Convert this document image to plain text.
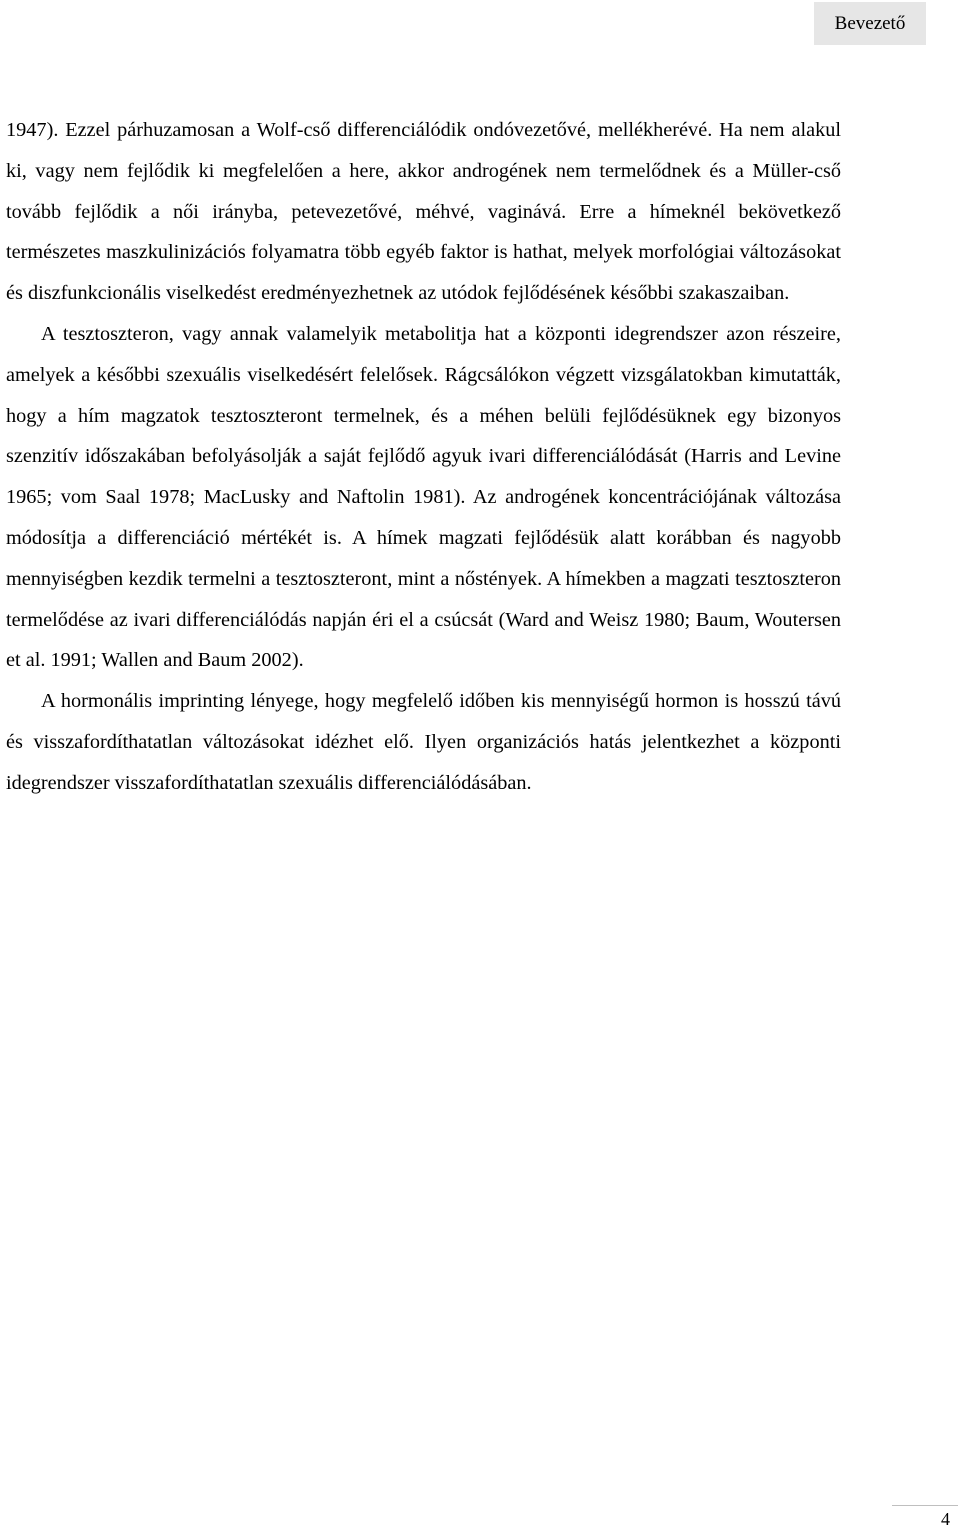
Bevezető

1947). Ezzel párhuzamosan a Wolf-cső differenciálódik ondóvezetővé, mellékherévé. Ha nem alakul ki, vagy nem fejlődik ki megfelelően a here, akkor androgének nem termelődnek és a Müller-cső tovább fejlődik a női irányba, petevezetővé, méhvé, vaginává. Erre a hímeknél bekövetkező természetes maszkulinizációs folyamatra több egyéb faktor is hathat, melyek morfológiai változásokat és diszfunkcionális viselkedést eredményezhetnek az utódok fejlődésének későbbi szakaszaiban.

A tesztoszteron, vagy annak valamelyik metabolitja hat a központi idegrendszer azon részeire, amelyek a későbbi szexuális viselkedésért felelősek. Rágcsálókon végzett vizsgálatokban kimutatták, hogy a hím magzatok tesztoszteront termelnek, és a méhen belüli fejlődésüknek egy bizonyos szenzitív időszakában befolyásolják a saját fejlődő agyuk ivari differenciálódását (Harris and Levine 1965; vom Saal 1978; MacLusky and Naftolin 1981). Az androgének koncentrációjának változása módosítja a differenciáció mértékét is. A hímek magzati fejlődésük alatt korábban és nagyobb mennyiségben kezdik termelni a tesztoszteront, mint a nőstények. A hímekben a magzati tesztoszteron termelődése az ivari differenciálódás napján éri el a csúcsát (Ward and Weisz 1980; Baum, Woutersen et al. 1991; Wallen and Baum 2002).

A hormonális imprinting lényege, hogy megfelelő időben kis mennyiségű hormon is hosszú távú és visszafordíthatatlan változásokat idézhet elő. Ilyen organizációs hatás jelentkezhet a központi idegrendszer visszafordíthatatlan szexuális differenciálódásában.

4
